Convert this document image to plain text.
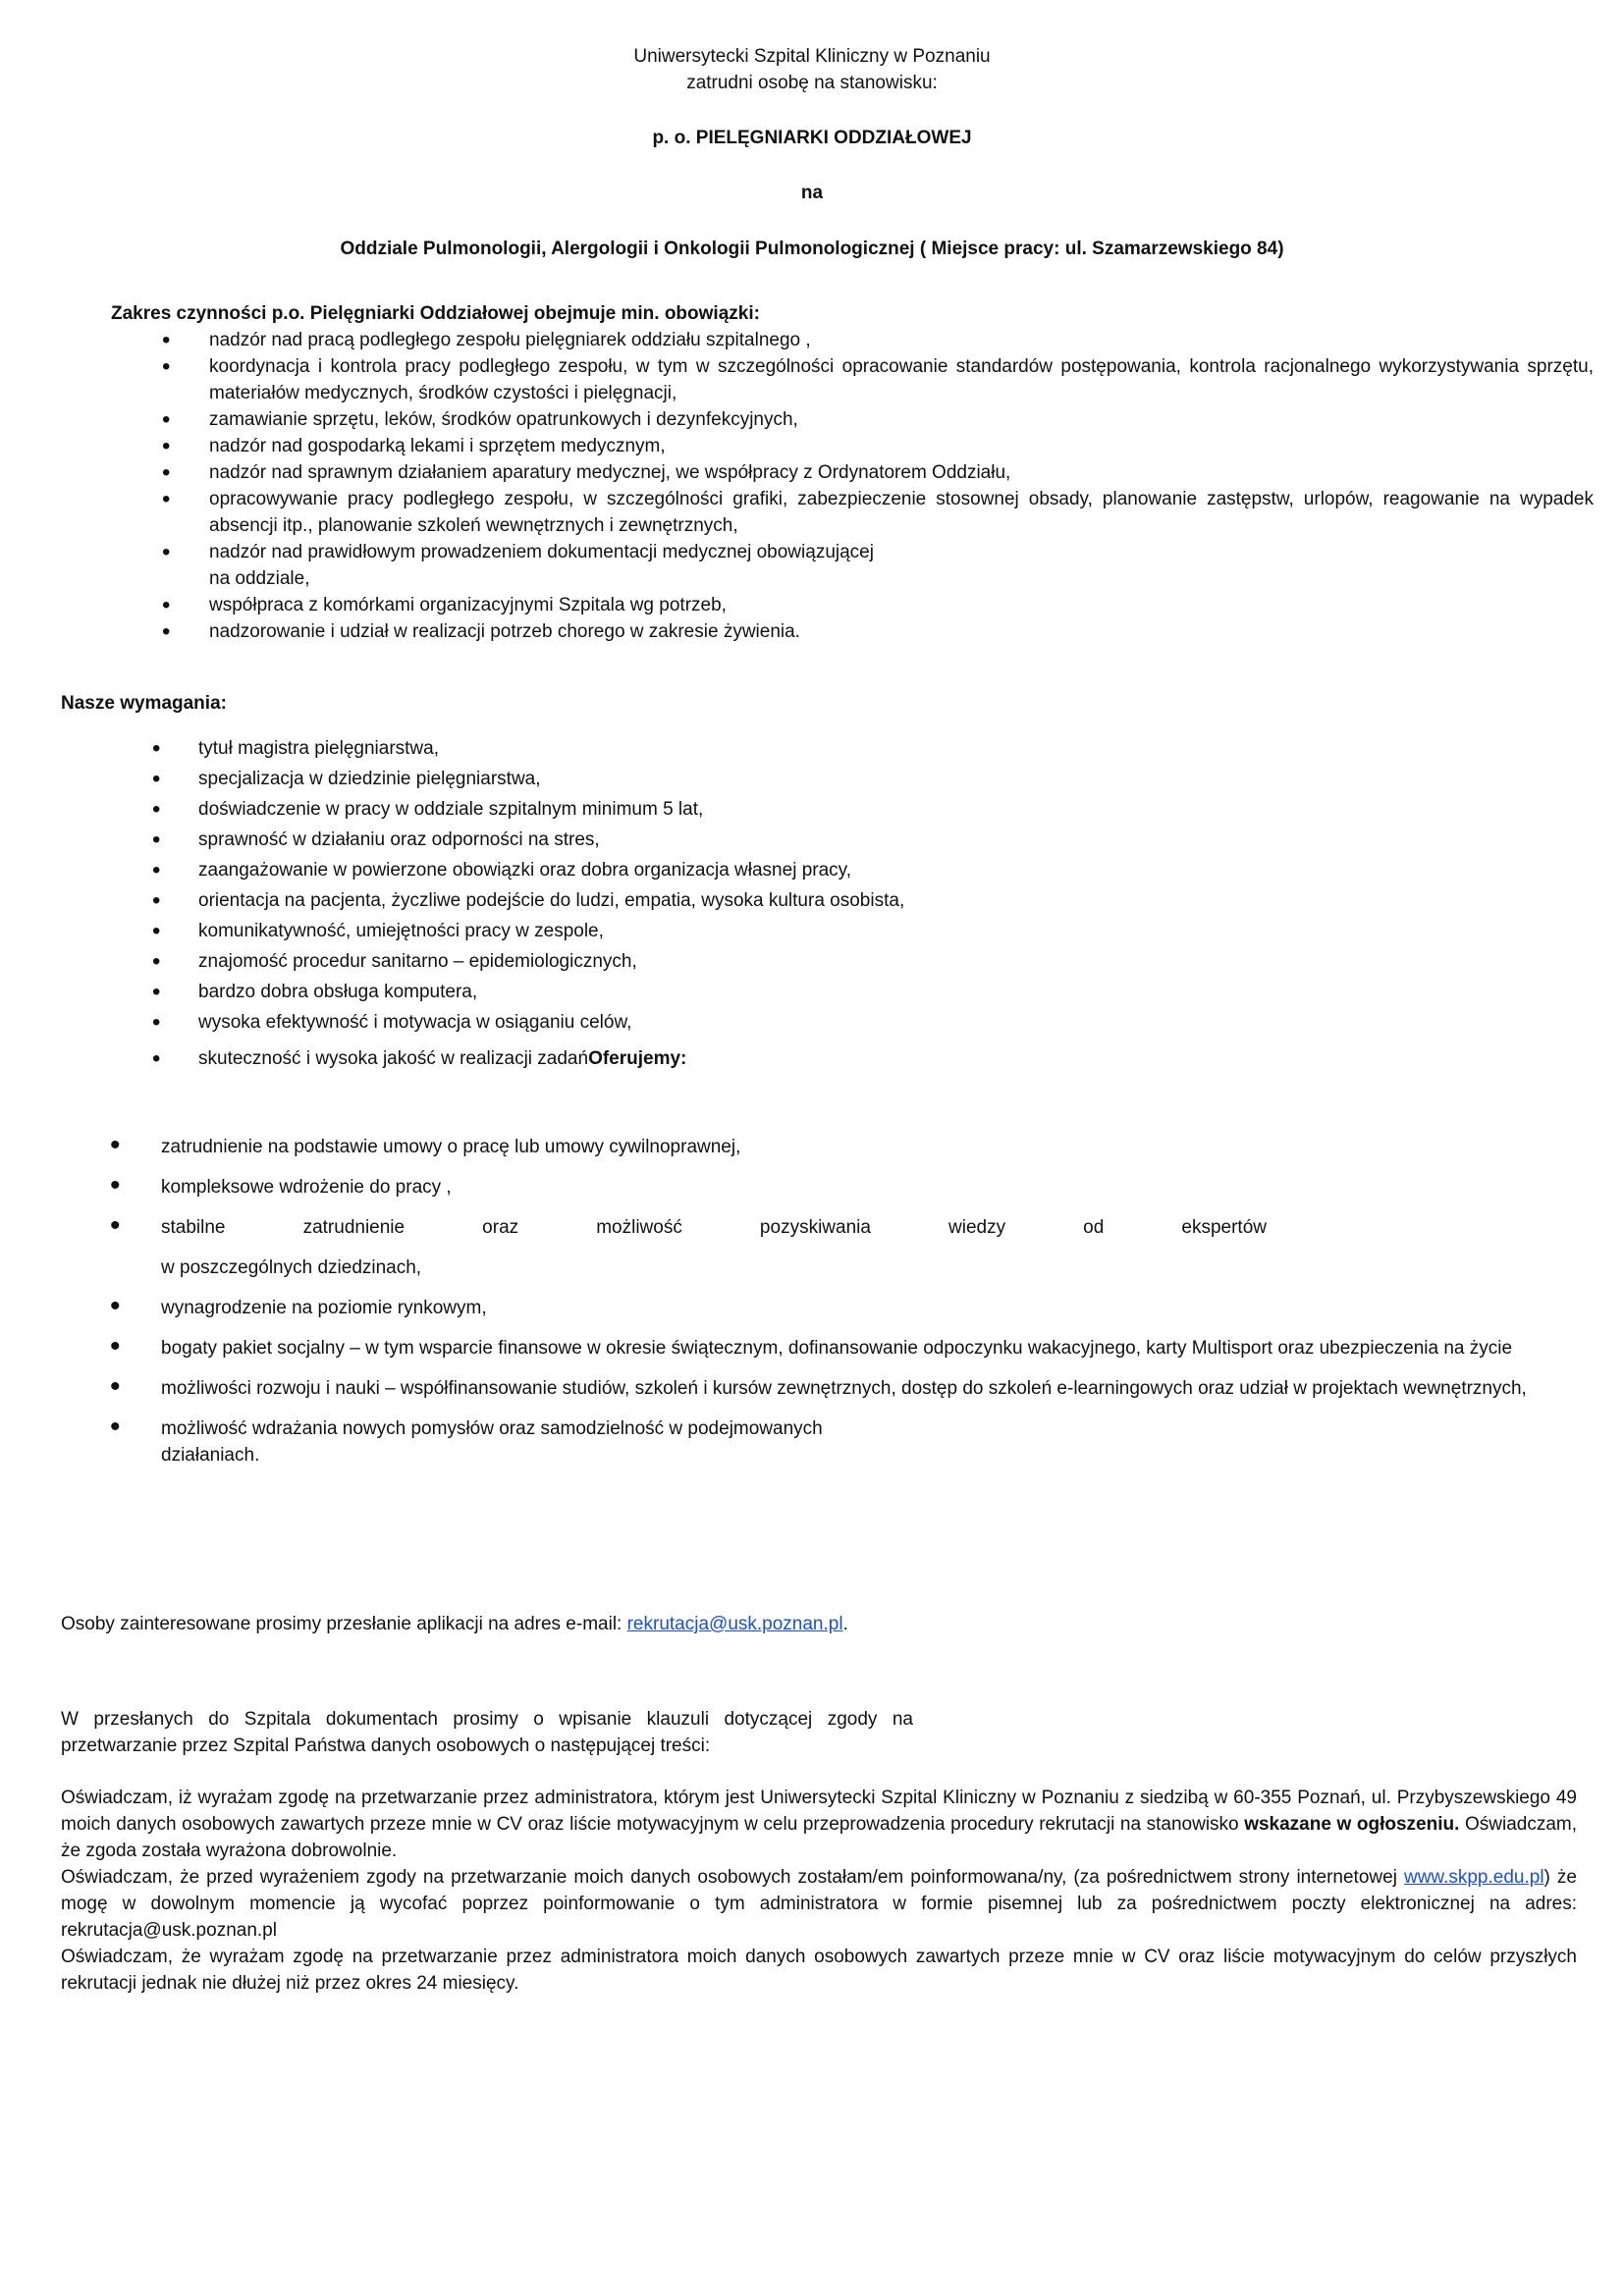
Uniwersytecki Szpital Kliniczny w Poznaniu

zatrudni osobę na stanowisku:

p. o. PIELĘGNIARKI ODDZIAŁOWEJ
na
Oddziale Pulmonologii, Alergologii i Onkologii Pulmonologicznej ( Miejsce pracy: ul. Szamarzewskiego 84)
Zakres czynności p.o. Pielęgniarki Oddziałowej obejmuje min. obowiązki:
• nadzór nad pracą podległego zespołu pielęgniarek oddziału szpitalnego ,
• koordynacja i kontrola pracy podległego zespołu, w tym w szczególności opracowanie standardów postępowania, kontrola racjonalnego wykorzystywania sprzętu, materiałów medycznych, środków czystości i pielęgnacji,
• zamawianie sprzętu, leków, środków opatrunkowych i dezynfekcyjnych,
• nadzór nad gospodarką lekami i sprzętem medycznym,
• nadzór nad sprawnym działaniem aparatury medycznej, we współpracy z Ordynatorem Oddziału,
• opracowywanie pracy podległego zespołu, w szczególności grafiki, zabezpieczenie stosownej obsady, planowanie zastępstw, urlopów, reagowanie na wypadek absencji itp., planowanie szkoleń wewnętrznych i zewnętrznych,
• nadzór nad prawidłowym prowadzeniem dokumentacji medycznej obowiązującej
na oddziale,
• współpraca z komórkami organizacyjnymi Szpitala wg potrzeb,
• nadzorowanie i udział w realizacji potrzeb chorego w zakresie żywienia.
Nasze wymagania:
• tytuł magistra pielęgniarstwa,
• specjalizacja w dziedzinie pielęgniarstwa,
• doświadczenie w pracy w oddziale szpitalnym minimum 5 lat,
• sprawność w działaniu oraz odporności na stres,
• zaangażowanie w powierzone obowiązki oraz dobra organizacja własnej pracy,
• orientacja na pacjenta, życzliwe podejście do ludzi, empatia, wysoka kultura osobista,
• komunikatywność, umiejętności pracy w zespole,
• znajomość procedur sanitarno – epidemiologicznych,
• bardzo dobra obsługa komputera,
• wysoka efektywność i motywacja w osiąganiu celów,
• skuteczność i wysoka jakość w realizacji zadańOferujemy:
• zatrudnienie na podstawie umowy o pracę lub umowy cywilnoprawnej,
• kompleksowe wdrożenie do pracy ,
• stabilne zatrudnienie oraz możliwość pozyskiwania wiedzy od ekspertów
w poszczególnych dziedzinach,
• wynagrodzenie na poziomie rynkowym,
• bogaty pakiet socjalny – w tym wsparcie finansowe w okresie świątecznym, dofinansowanie odpoczynku wakacyjnego, karty Multisport oraz ubezpieczenia na życie
• możliwości rozwoju i nauki – współfinansowanie studiów, szkoleń i kursów zewnętrznych, dostęp do szkoleń e-learningowych oraz udział w projektach wewnętrznych,
• możliwość wdrażania nowych pomysłów oraz samodzielność w podejmowanych
działaniach.
Osoby zainteresowane prosimy przesłanie aplikacji na adres e-mail: rekrutacja@usk.poznan.pl.
W przesłanych do Szpitala dokumentach prosimy o wpisanie klauzuli dotyczącej zgody na przetwarzanie przez Szpital Państwa danych osobowych o następującej treści:

Oświadczam, iż wyrażam zgodę na przetwarzanie przez administratora, którym jest Uniwersytecki Szpital Kliniczny w Poznaniu z siedzibą w 60-355 Poznań, ul. Przybyszewskiego 49 moich danych osobowych zawartych przeze mnie w CV oraz liście motywacyjnym w celu przeprowadzenia procedury rekrutacji na stanowisko wskazane w ogłoszeniu. Oświadczam, że zgoda została wyrażona dobrowolnie.

Oświadczam, że przed wyrażeniem zgody na przetwarzanie moich danych osobowych zostałam/em poinformowana/ny, (za pośrednictwem strony internetowej www.skpp.edu.pl) że mogę w dowolnym momencie ją wycofać poprzez poinformowanie o tym administratora w formie pisemnej lub za pośrednictwem poczty elektronicznej na adres: rekrutacja@usk.poznan.pl

Oświadczam, że wyrażam zgodę na przetwarzanie przez administratora moich danych osobowych zawartych przeze mnie w CV oraz liście motywacyjnym do celów przyszłych rekrutacji jednak nie dłużej niż przez okres 24 miesięcy.
